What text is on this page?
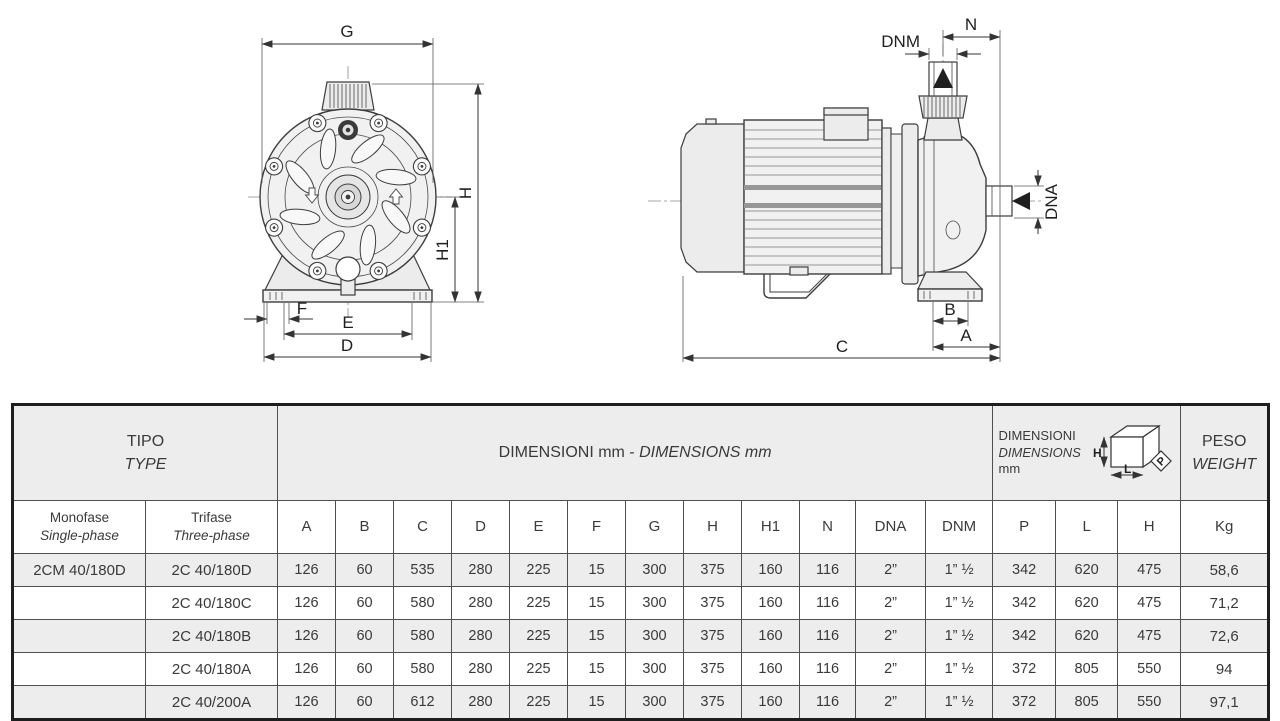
G
H
H1
F
E
D
N
DNM
DNA
B
A
C
TIPO
TYPE
	DIMENSIONI mm - DIMENSIONS mm	
DIMENSIONI
DIMENSIONS
mm
H
L
P

PESO
WEIGHT

Monofase
Single-phase

Trifase
Three-phase
	A	B	C	D	E	F	G	H	H1	N	DNA	DNM	P	L	H	Kg
2CM 40/180D	2C 40/180D	126	60	535	280	225	15	300	375	160	116	2”	1” ½	342	620	475	58,6
	2C 40/180C	126	60	580	280	225	15	300	375	160	116	2”	1” ½	342	620	475	71,2
	2C 40/180B	126	60	580	280	225	15	300	375	160	116	2”	1” ½	342	620	475	72,6
	2C 40/180A	126	60	580	280	225	15	300	375	160	116	2”	1” ½	372	805	550	94
	2C 40/200A	126	60	612	280	225	15	300	375	160	116	2”	1” ½	372	805	550	97,1
